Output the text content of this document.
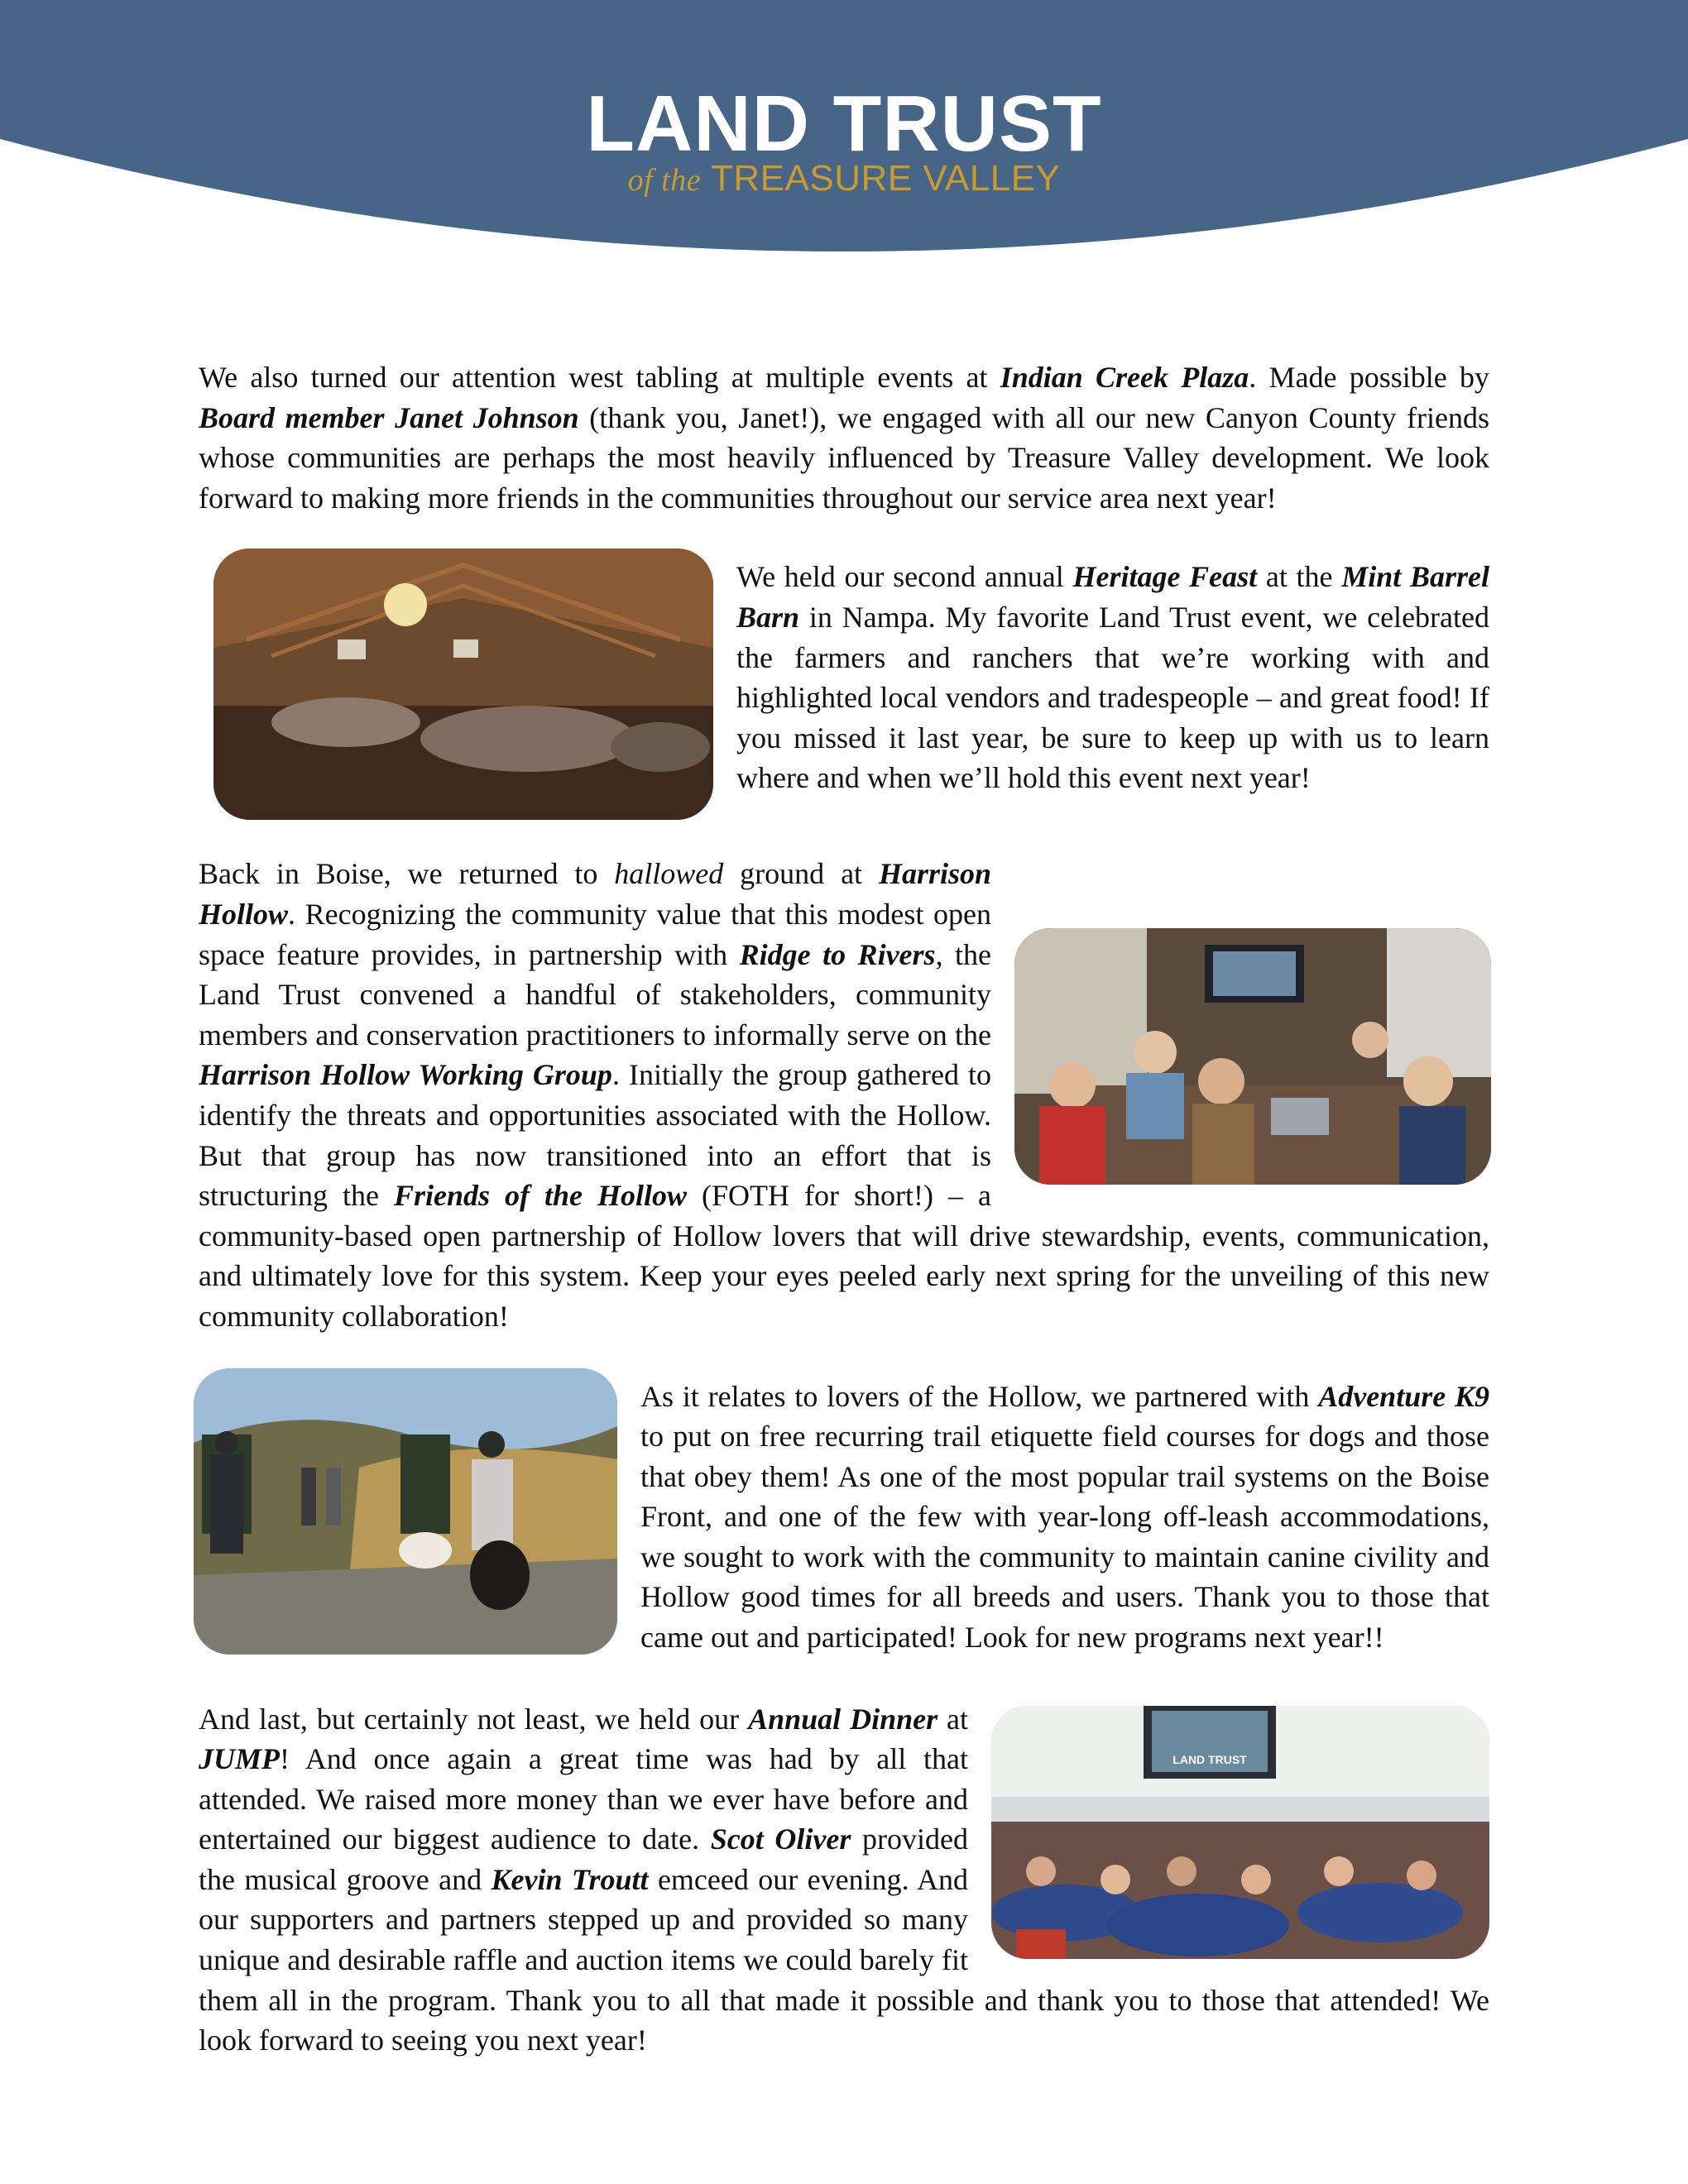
LAND TRUST
of the TREASURE VALLEY

We also turned our attention west tabling at multiple events at Indian Creek Plaza. Made possible by Board member Janet Johnson (thank you, Janet!), we engaged with all our new Canyon County friends whose communities are perhaps the most heavily influenced by Treasure Valley development. We look forward to making more friends in the communities throughout our service area next year!

We held our second annual Heritage Feast at the Mint Barrel Barn in Nampa. My favorite Land Trust event, we celebrated the farmers and ranchers that we’re working with and highlighted local vendors and tradespeople – and great food! If you missed it last year, be sure to keep up with us to learn where and when we’ll hold this event next year!

Back in Boise, we returned to hallowed ground at Harrison Hollow. Recognizing the community value that this modest open space feature provides, in partnership with Ridge to Rivers, the Land Trust convened a handful of stakeholders, community members and conservation practitioners to informally serve on the Harrison Hollow Working Group. Initially the group gathered to identify the threats and opportunities associated with the Hollow. But that group has now transitioned into an effort that is structuring the Friends of the Hollow (FOTH for short!) – a community-based open partnership of Hollow lovers that will drive stewardship, events, communication, and ultimately love for this system. Keep your eyes peeled early next spring for the unveiling of this new community collaboration!

As it relates to lovers of the Hollow, we partnered with Adventure K9 to put on free recurring trail etiquette field courses for dogs and those that obey them! As one of the most popular trail systems on the Boise Front, and one of the few with year-long off-leash accommodations, we sought to work with the community to maintain canine civility and Hollow good times for all breeds and users. Thank you to those that came out and participated! Look for new programs next year!!

LAND TRUST

And last, but certainly not least, we held our Annual Dinner at JUMP! And once again a great time was had by all that attended. We raised more money than we ever have before and entertained our biggest audience to date. Scot Oliver provided the musical groove and Kevin Troutt emceed our evening. And our supporters and partners stepped up and provided so many unique and desirable raffle and auction items we could barely fit them all in the program. Thank you to all that made it possible and thank you to those that attended! We look forward to seeing you next year!
